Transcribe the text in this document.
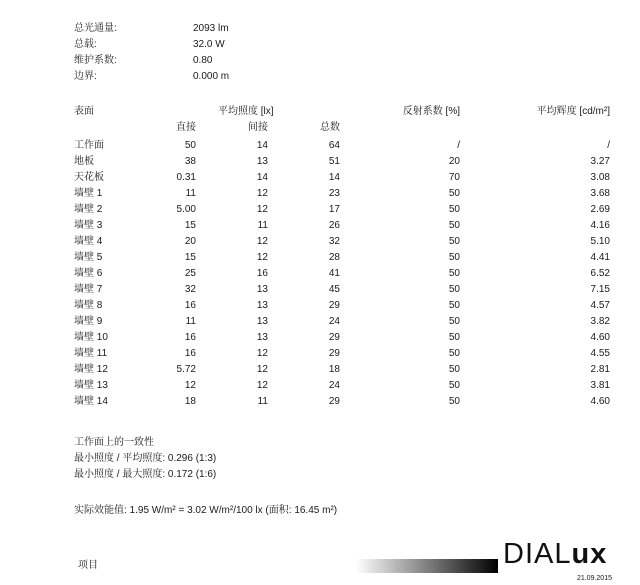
总光通量:	2093 lm
总载:	32.0 W
维护系数:	0.80
边界:	0.000 m
表面	平均照度 [lx]	反射系数 [%]	平均辉度 [cd/m²]
直接	间接	总数
工作面	50	14	64	/	/
地板	38	13	51	20	3.27
天花板	0.31	14	14	70	3.08
墙壁 1	11	12	23	50	3.68
墙壁 2	5.00	12	17	50	2.69
墙壁 3	15	11	26	50	4.16
墙壁 4	20	12	32	50	5.10
墙壁 5	15	12	28	50	4.41
墙壁 6	25	16	41	50	6.52
墙壁 7	32	13	45	50	7.15
墙壁 8	16	13	29	50	4.57
墙壁 9	11	13	24	50	3.82
墙壁 10	16	13	29	50	4.60
墙壁 11	16	12	29	50	4.55
墙壁 12	5.72	12	18	50	2.81
墙壁 13	12	12	24	50	3.81
墙壁 14	18	11	29	50	4.60
工作面上的一致性
最小照度 / 平均照度: 0.296 (1:3)
最小照度 / 最大照度: 0.172 (1:6)
实际效能值: 1.95 W/m² = 3.02 W/m²/100 lx (面积: 16.45 m²)
项目	DIALux
21.09.2015
